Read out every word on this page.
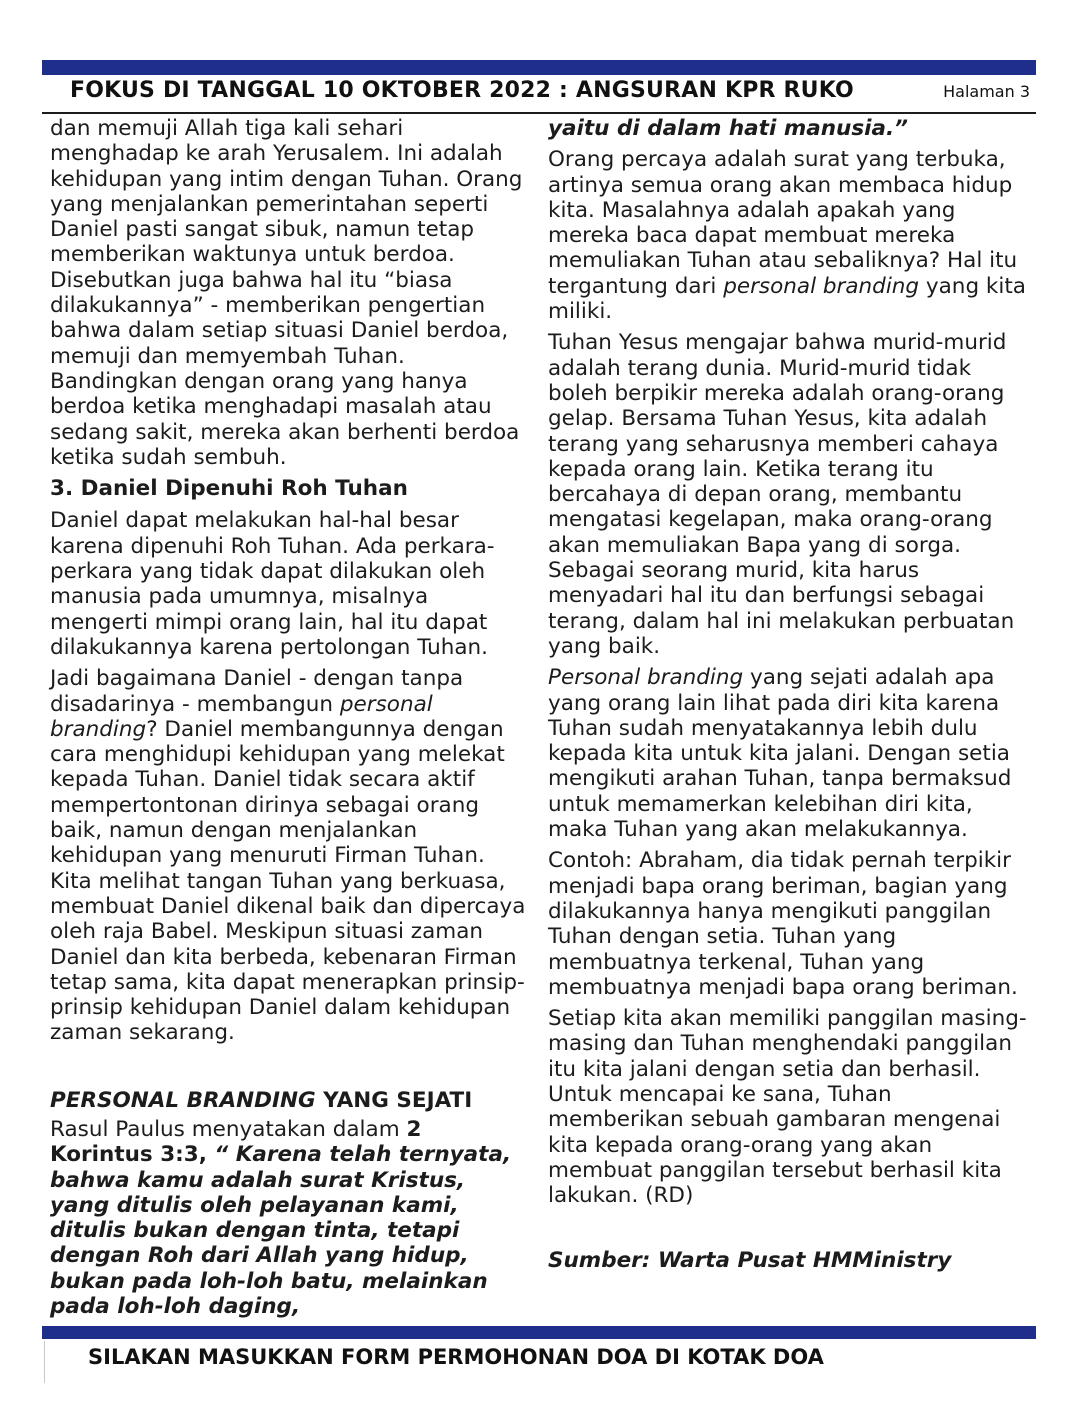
FOKUS DI TANGGAL 10 OKTOBER 2022 : ANGSURAN KPR RUKO	Halaman 3

dan memuji Allah tiga kali sehari menghadap ke arah Yerusalem. Ini adalah kehidupan yang intim dengan Tuhan. Orang yang menjalankan pemerintahan seperti Daniel pasti sangat sibuk, namun tetap memberikan waktunya untuk berdoa. Disebutkan juga bahwa hal itu “biasa dilakukannya” - memberikan pengertian bahwa dalam setiap situasi Daniel berdoa, memuji dan memyembah Tuhan. Bandingkan dengan orang yang hanya berdoa ketika menghadapi masalah atau sedang sakit, mereka akan berhenti berdoa ketika sudah sembuh.

3. Daniel Dipenuhi Roh Tuhan

Daniel dapat melakukan hal-hal besar karena dipenuhi Roh Tuhan. Ada perkara-perkara yang tidak dapat dilakukan oleh manusia pada umumnya, misalnya mengerti mimpi orang lain, hal itu dapat dilakukannya karena pertolongan Tuhan.

Jadi bagaimana Daniel - dengan tanpa disadarinya - membangun personal branding? Daniel membangunnya dengan cara menghidupi kehidupan yang melekat kepada Tuhan. Daniel tidak secara aktif mempertontonan dirinya sebagai orang baik, namun dengan menjalankan kehidupan yang menuruti Firman Tuhan. Kita melihat tangan Tuhan yang berkuasa, membuat Daniel dikenal baik dan dipercaya oleh raja Babel. Meskipun situasi zaman Daniel dan kita berbeda, kebenaran Firman tetap sama, kita dapat menerapkan prinsip-prinsip kehidupan Daniel dalam kehidupan zaman sekarang.

PERSONAL BRANDING YANG SEJATI

Rasul Paulus menyatakan dalam 2 Korintus 3:3, “ Karena telah ternyata, bahwa kamu adalah surat Kristus, yang ditulis oleh pelayanan kami, ditulis bukan dengan tinta, tetapi dengan Roh dari Allah yang hidup, bukan pada loh-loh batu, melainkan pada loh-loh daging,

yaitu di dalam hati manusia.”

Orang percaya adalah surat yang terbuka, artinya semua orang akan membaca hidup kita. Masalahnya adalah apakah yang mereka baca dapat membuat mereka memuliakan Tuhan atau sebaliknya? Hal itu tergantung dari personal branding yang kita miliki.

Tuhan Yesus mengajar bahwa murid-murid adalah terang dunia. Murid-murid tidak boleh berpikir mereka adalah orang-orang gelap. Bersama Tuhan Yesus, kita adalah terang yang seharusnya memberi cahaya kepada orang lain. Ketika terang itu bercahaya di depan orang, membantu mengatasi kegelapan, maka orang-orang akan memuliakan Bapa yang di sorga. Sebagai seorang murid, kita harus menyadari hal itu dan berfungsi sebagai terang, dalam hal ini melakukan perbuatan yang baik.

Personal branding yang sejati adalah apa yang orang lain lihat pada diri kita karena Tuhan sudah menyatakannya lebih dulu kepada kita untuk kita jalani. Dengan setia mengikuti arahan Tuhan, tanpa bermaksud untuk memamerkan kelebihan diri kita, maka Tuhan yang akan melakukannya.

Contoh: Abraham, dia tidak pernah terpikir menjadi bapa orang beriman, bagian yang dilakukannya hanya mengikuti panggilan Tuhan dengan setia. Tuhan yang membuatnya terkenal, Tuhan yang membuatnya menjadi bapa orang beriman.

Setiap kita akan memiliki panggilan masing-masing dan Tuhan menghendaki panggilan itu kita jalani dengan setia dan berhasil. Untuk mencapai ke sana, Tuhan memberikan sebuah gambaran mengenai kita kepada orang-orang yang akan membuat panggilan tersebut berhasil kita lakukan. (RD)

Sumber: Warta Pusat HMMinistry

SILAKAN MASUKKAN FORM PERMOHONAN DOA DI KOTAK DOA
